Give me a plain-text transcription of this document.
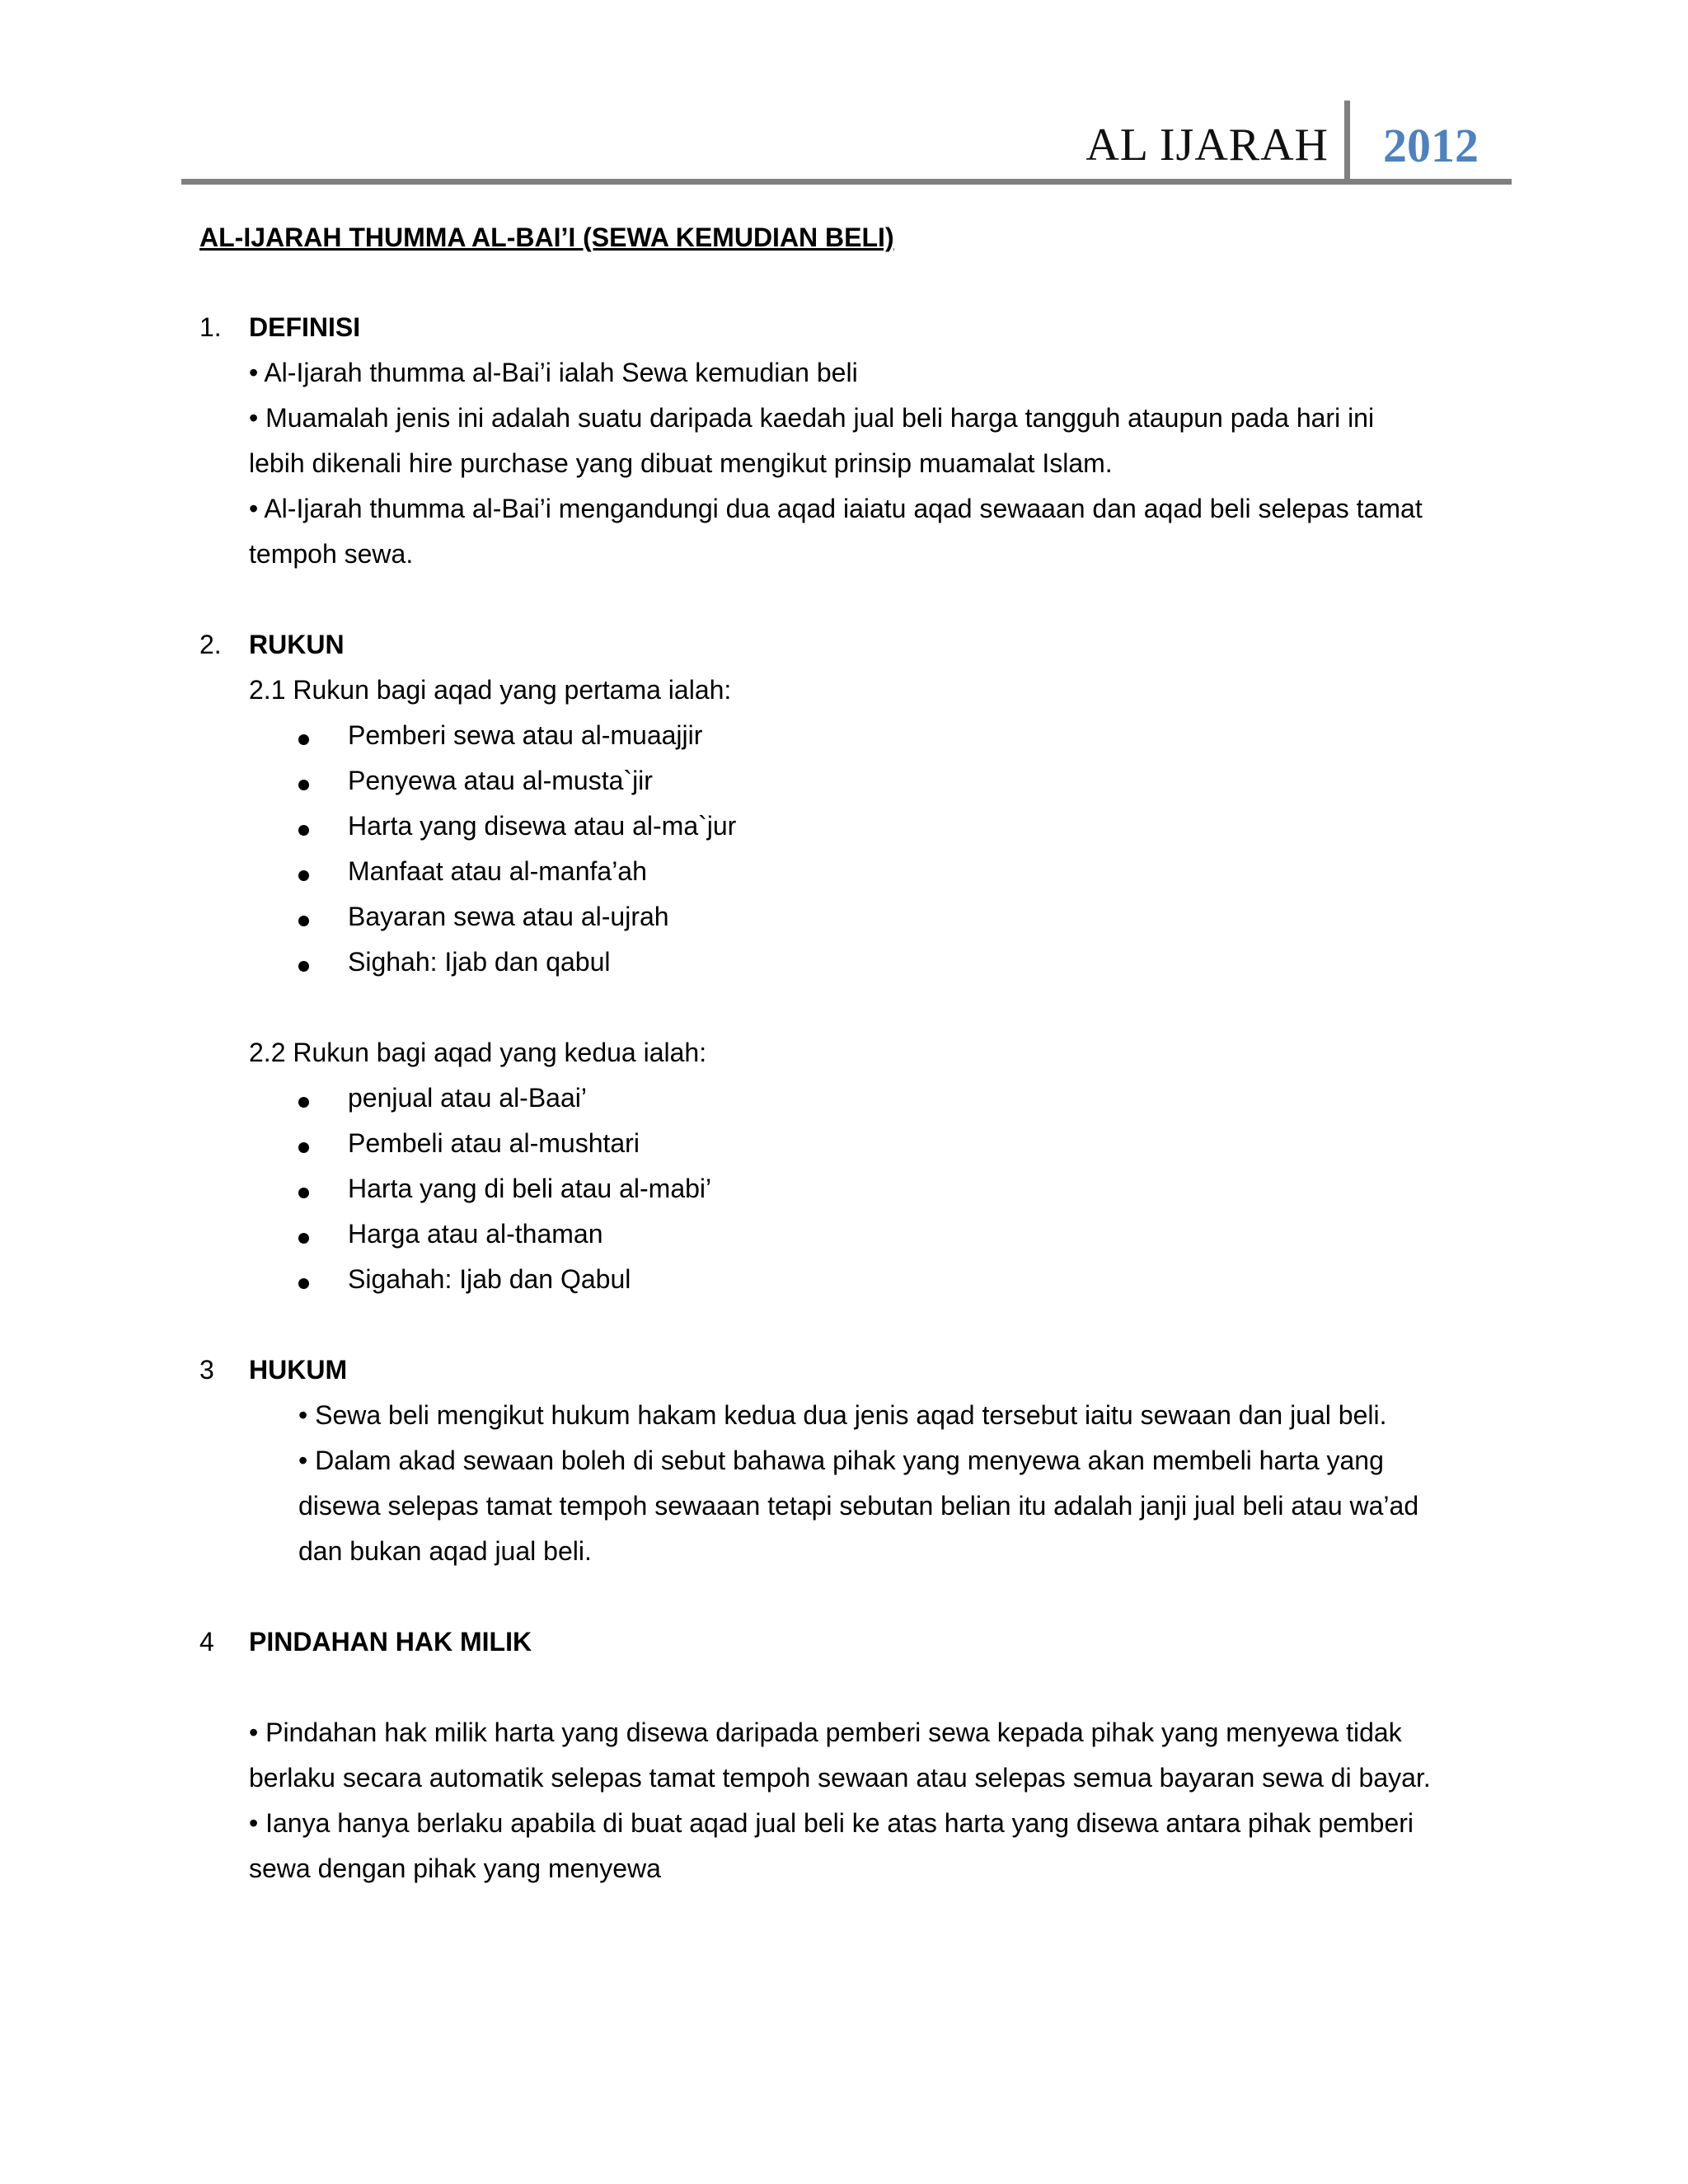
AL IJARAH 2012
AL-IJARAH THUMMA AL-BAI’I (SEWA KEMUDIAN BELI)
1. DEFINISI
• Al-Ijarah thumma al-Bai’i ialah Sewa kemudian beli
• Muamalah jenis ini adalah suatu daripada kaedah jual beli harga tangguh ataupun pada hari ini
lebih dikenali hire purchase yang dibuat mengikut prinsip muamalat Islam.
• Al-Ijarah thumma al-Bai’i mengandungi dua aqad iaiatu aqad sewaaan dan aqad beli selepas tamat
tempoh sewa.
2. RUKUN
2.1 Rukun bagi aqad yang pertama ialah:
Pemberi sewa atau al-muaajjir
Penyewa atau al-musta`jir
Harta yang disewa atau al-ma`jur
Manfaat atau al-manfa’ah
Bayaran sewa atau al-ujrah
Sighah: Ijab dan qabul
2.2 Rukun bagi aqad yang kedua ialah:
penjual atau al-Baai’
Pembeli atau al-mushtari
Harta yang di beli atau al-mabi’
Harga atau al-thaman
Sigahah: Ijab dan Qabul
3 HUKUM
• Sewa beli mengikut hukum hakam kedua dua jenis aqad tersebut iaitu sewaan dan jual beli.
• Dalam akad sewaan boleh di sebut bahawa pihak yang menyewa akan membeli harta yang
disewa selepas tamat tempoh sewaaan tetapi sebutan belian itu adalah janji jual beli atau wa’ad
dan bukan aqad jual beli.
4 PINDAHAN HAK MILIK
• Pindahan hak milik harta yang disewa daripada pemberi sewa kepada pihak yang menyewa tidak
berlaku secara automatik selepas tamat tempoh sewaan atau selepas semua bayaran sewa di bayar.
• Ianya hanya berlaku apabila di buat aqad jual beli ke atas harta yang disewa antara pihak pemberi
sewa dengan pihak yang menyewa
